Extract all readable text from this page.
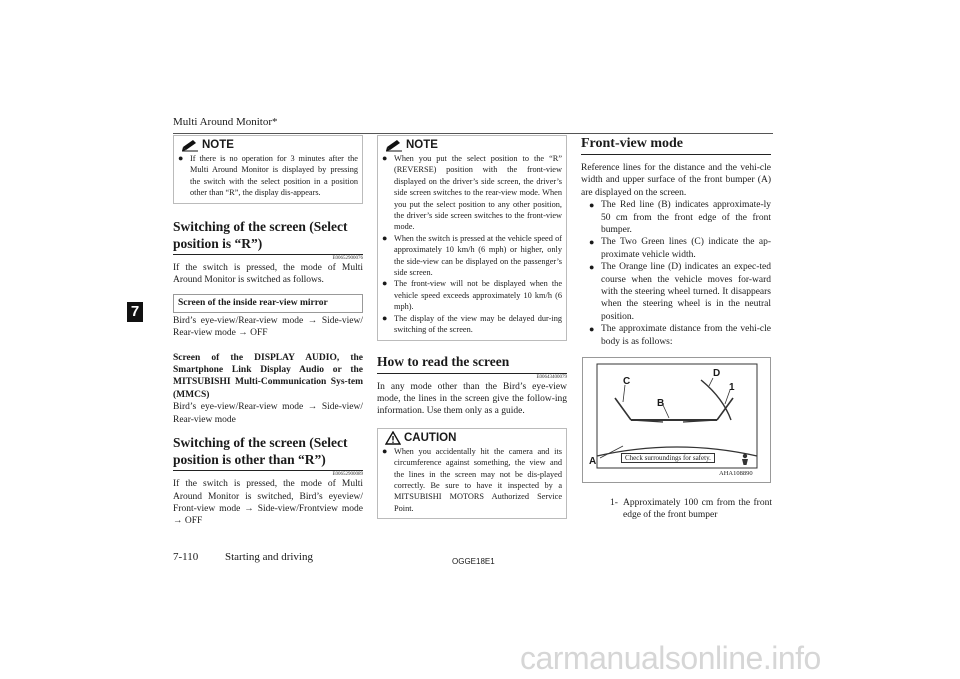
Multi Around Monitor*
7
NOTE
● If there is no operation for 3 minutes after the Multi Around Monitor is displayed by pressing the switch with the select position in a position other than “R”, the display dis-appears.
Switching of the screen (Select position is “R”)
E00652900076
If the switch is pressed, the mode of Multi Around Monitor is switched as follows.
Screen of the inside rear-view mirror
Bird’s eye-view/Rear-view mode → Side-view/ Rear-view mode → OFF
Screen of the DISPLAY AUDIO, the Smartphone Link Display Audio or the MITSUBISHI Multi-Communication Sys-tem (MMCS)
Bird’s eye-view/Rear-view mode → Side-view/ Rear-view mode
Switching of the screen (Select position is other than “R”)
E00652900089
If the switch is pressed, the mode of Multi Around Monitor is switched, Bird’s eyeview/ Front-view mode → Side-view/Frontview mode → OFF
NOTE
● When you put the select position to the “R” (REVERSE) position with the front-view displayed on the driver’s side screen, the driver’s side screen switches to the rear-view mode. When you put the select position to any other position, the driver’s side screen switches to the front-view mode.
● When the switch is pressed at the vehicle speed of approximately 10 km/h (6 mph) or higher, only the side-view can be displayed on the passenger’s side screen.
● The front-view will not be displayed when the vehicle speed exceeds approximately 10 km/h (6 mph).
● The display of the view may be delayed dur-ing switching of the screen.
How to read the screen
E00643400079
In any mode other than the Bird’s eye-view mode, the lines in the screen give the follow-ing information. Use them only as a guide.
CAUTION
● When you accidentally hit the camera and its circumference against something, the view and the lines in the screen may not be dis-played correctly. Be sure to have it inspected by a MITSUBISHI MOTORS Authorized Service Point.
Front-view mode
Reference lines for the distance and the vehi-cle width and upper surface of the front bumper (A) are displayed on the screen.
● The Red line (B) indicates approximate-ly 50 cm from the front edge of the front bumper.
● The Two Green lines (C) indicate the ap-proximate vehicle width.
● The Orange line (D) indicates an expec-ted course when the vehicle moves for-ward with the steering wheel turned. It disappears when the steering wheel is in the neutral position.
● The approximate distance from the vehi-cle body is as follows:
C
B
D
1
A	Check surroundings for safety.
AHA108890
1- Approximately 100 cm from the front edge of the front bumper
7-110 Starting and driving	OGGE18E1
carmanualsonline.info
